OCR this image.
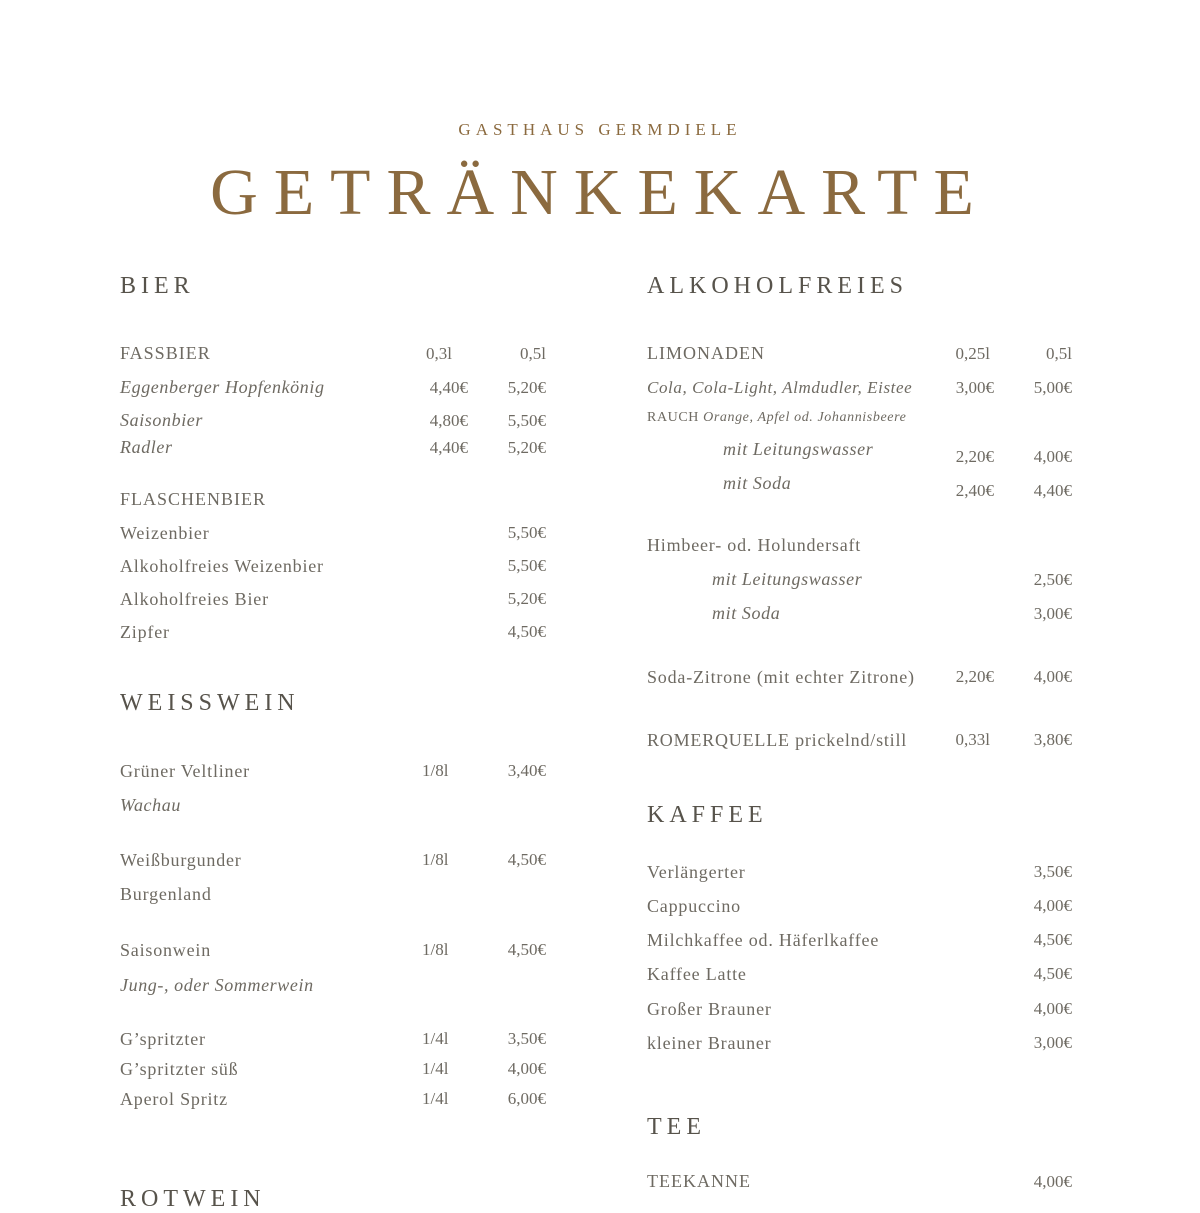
GASTHAUS GERMDIELE
GETRÄNKEKARTE
BIER
FASSBIER	0,3l	0,5l
Eggenberger Hopfenkönig	4,40€	5,20€
Saisonbier	4,80€	5,50€
Radler	4,40€	5,20€
FLASCHENBIER
Weizenbier	5,50€
Alkoholfreies Weizenbier	5,50€
Alkoholfreies Bier	5,20€
Zipfer	4,50€
WEISSWEIN
Grüner Veltliner	1/8l	3,40€
Wachau
Weißburgunder	1/8l	4,50€
Burgenland
Saisonwein	1/8l	4,50€
Jung-, oder Sommerwein
G’spritzter	1/4l	3,50€
G’spritzter süß	1/4l	4,00€
Aperol Spritz	1/4l	6,00€
ROTWEIN
ALKOHOLFREIES
LIMONADEN	0,25l	0,5l
Cola, Cola-Light, Almdudler, Eistee	3,00€	5,00€
RAUCH Orange, Apfel od. Johannisbeere
mit Leitungswasser	2,20€	4,00€
mit Soda	2,40€	4,40€
Himbeer- od. Holundersaft
mit Leitungswasser	2,50€
mit Soda	3,00€
Soda-Zitrone (mit echter Zitrone)	2,20€	4,00€
ROMERQUELLE prickelnd/still	0,33l	3,80€
KAFFEE
Verlängerter	3,50€
Cappuccino	4,00€
Milchkaffee od. Häferlkaffee	4,50€
Kaffee Latte	4,50€
Großer Brauner	4,00€
kleiner Brauner	3,00€
TEE
TEEKANNE	4,00€
